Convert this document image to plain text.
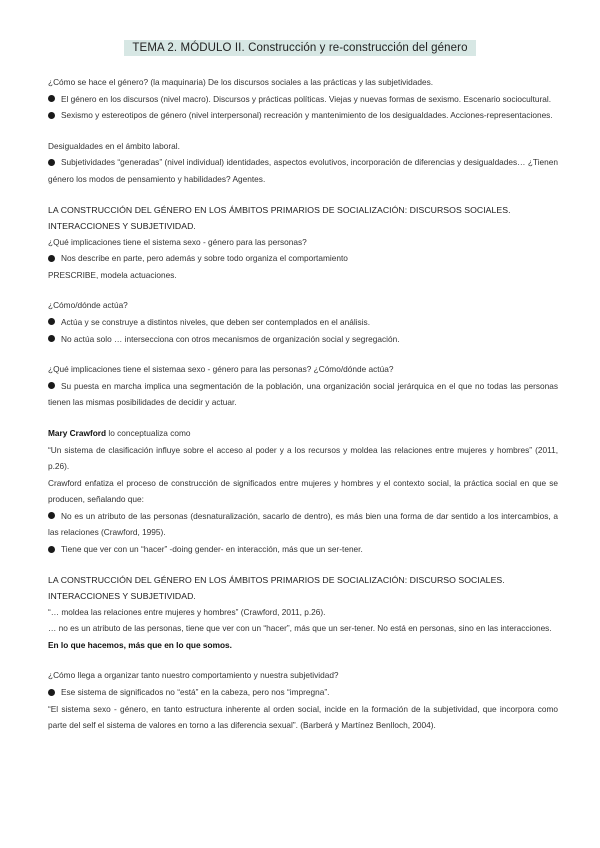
TEMA 2. MÓDULO II. Construcción y re-construcción del género

¿Cómo se hace el género? (la maquinaria) De los discursos sociales a las prácticas y las subjetividades.

El género en los discursos (nivel macro). Discursos y prácticas políticas. Viejas y nuevas formas de sexismo. Escenario sociocultural.

Sexismo y estereotipos de género (nivel interpersonal) recreación y mantenimiento de los desigualdades. Acciones-representaciones.

Desigualdades en el ámbito laboral.

Subjetividades “generadas” (nivel individual) identidades, aspectos evolutivos, incorporación de diferencias y desigualdades… ¿Tienen género los modos de pensamiento y habilidades? Agentes.

LA CONSTRUCCIÓN DEL GÉNERO EN LOS ÁMBITOS PRIMARIOS DE SOCIALIZACIÓN: DISCURSOS SOCIALES. INTERACCIONES Y SUBJETIVIDAD.

¿Qué implicaciones tiene el sistema sexo - género para las personas?

Nos describe en parte, pero además y sobre todo organiza el comportamiento

PRESCRIBE, modela actuaciones.

¿Cómo/dónde actúa?

Actúa y se construye a distintos niveles, que deben ser contemplados en el análisis.

No actúa solo … intersecciona con otros mecanismos de organización social y segregación.

¿Qué implicaciones tiene el sistemaa sexo - género para las personas? ¿Cómo/dónde actúa?

Su puesta en marcha implica una segmentación de la población, una organización social jerárquica en el que no todas las personas tienen las mismas posibilidades de decidir y actuar.

Mary Crawford lo conceptualiza como

“Un sistema de clasificación influye sobre el acceso al poder y a los recursos y moldea las relaciones entre mujeres y hombres” (2011, p.26).

Crawford enfatiza el proceso de construcción de significados entre mujeres y hombres y el contexto social, la práctica social en que se producen, señalando que:

No es un atributo de las personas (desnaturalización, sacarlo de dentro), es más bien una forma de dar sentido a los intercambios, a las relaciones (Crawford, 1995).

Tiene que ver con un “hacer” -doing gender- en interacción, más que un ser-tener.

LA CONSTRUCCIÓN DEL GÉNERO EN LOS ÁMBITOS PRIMARIOS DE SOCIALIZACIÓN: DISCURSO SOCIALES. INTERACCIONES Y SUBJETIVIDAD.

“… moldea las relaciones entre mujeres y hombres” (Crawford, 2011, p.26).

… no es un atributo de las personas, tiene que ver con un “hacer”, más que un ser-tener. No está en personas, sino en las interacciones.

En lo que hacemos, más que en lo que somos.

¿Cómo llega a organizar tanto nuestro comportamiento y nuestra subjetividad?

Ese sistema de significados no “está” en la cabeza, pero nos “impregna”.

“El sistema sexo - género, en tanto estructura inherente al orden social, incide en la formación de la subjetividad, que incorpora como parte del self el sistema de valores en torno a las diferencia sexual”. (Barberá y Martínez Benlloch, 2004).
